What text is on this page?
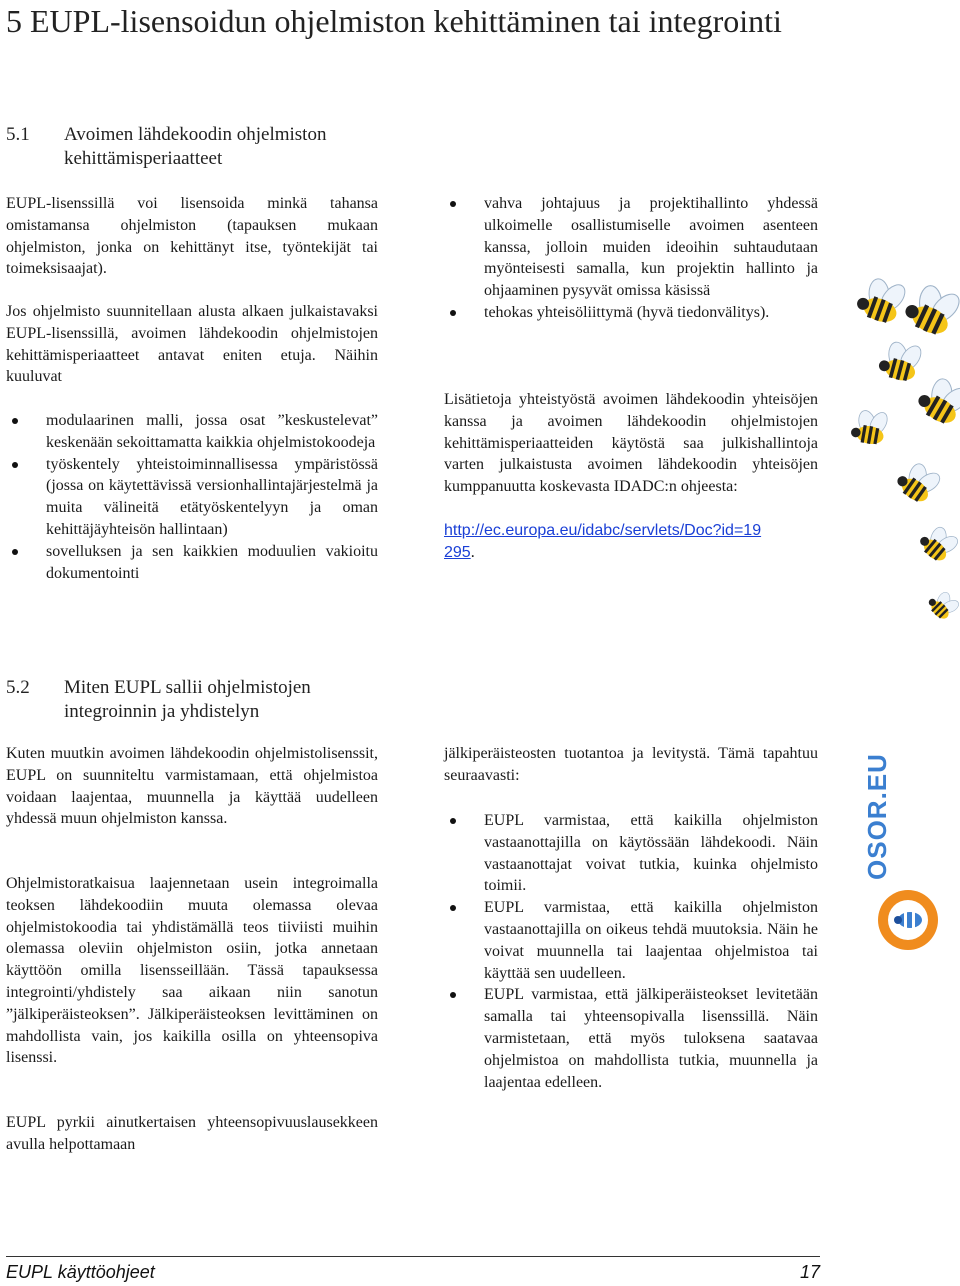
5 EUPL-lisensoidun ohjelmiston kehittäminen tai integrointi
5.1 Avoimen lähdekoodin ohjelmiston kehittämisperiaatteet

EUPL-lisenssillä voi lisensoida minkä tahansa omistamansa ohjelmiston (tapauksen mukaan ohjelmiston, jonka on kehittänyt itse, työntekijät tai toimeksisaajat).

Jos ohjelmisto suunnitellaan alusta alkaen julkaistavaksi EUPL-lisenssillä, avoimen lähdekoodin ohjelmistojen kehittämisperiaatteet antavat eniten etuja. Näihin kuuluvat

modulaarinen malli, jossa osat ”keskustelevat” keskenään sekoittamatta kaikkia ohjelmistokoodeja
työskentely yhteistoiminnallisessa ympäristössä (jossa on käytettävissä versionhallintajärjestelmä ja muita välineitä etätyöskentelyyn ja oman kehittäjäyhteisön hallintaan)
sovelluksen ja sen kaikkien moduulien vakioitu dokumentointi
vahva johtajuus ja projektihallinto yhdessä ulkoimelle osallistumiselle avoimen asenteen kanssa, jolloin muiden ideoihin suhtaudutaan myönteisesti samalla, kun projektin hallinto ja ohjaaminen pysyvät omissa käsissä
tehokas yhteisöliittymä (hyvä tiedonvälitys).

Lisätietoja yhteistyöstä avoimen lähdekoodin yhteisöjen kanssa ja avoimen lähdekoodin ohjelmistojen kehittämisperiaatteiden käytöstä saa julkishallintoja varten julkaistusta avoimen lähdekoodin yhteisöjen kumppanuutta koskevasta IDADC:n ohjeesta:

http://ec.europa.eu/idabc/servlets/Doc?id=19
295.
5.2 Miten EUPL sallii ohjelmistojen integroinnin ja yhdistelyn

Kuten muutkin avoimen lähdekoodin ohjelmistolisenssit, EUPL on suunniteltu varmistamaan, että ohjelmistoa voidaan laajentaa, muunnella ja käyttää uudelleen yhdessä muun ohjelmiston kanssa.

Ohjelmistoratkaisua laajennetaan usein integroimalla teoksen lähdekoodiin muuta olemassa olevaa ohjelmistokoodia tai yhdistämällä teos tiiviisti muihin olemassa oleviin ohjelmiston osiin, jotka annetaan käyttöön omilla lisensseillään. Tässä tapauksessa integrointi/yhdistely saa aikaan niin sanotun ”jälkiperäisteoksen”. Jälkiperäisteoksen levittäminen on mahdollista vain, jos kaikilla osilla on yhteensopiva lisenssi.

EUPL pyrkii ainutkertaisen yhteensopivuuslausekkeen avulla helpottamaan

jälkiperäisteosten tuotantoa ja levitystä. Tämä tapahtuu seuraavasti:

EUPL varmistaa, että kaikilla ohjelmiston vastaanottajilla on käytössään lähdekoodi. Näin vastaanottajat voivat tutkia, kuinka ohjelmisto toimii.
EUPL varmistaa, että kaikilla ohjelmiston vastaanottajilla on oikeus tehdä muutoksia. Näin he voivat muunnella tai laajentaa ohjelmistoa tai käyttää sen uudelleen.
EUPL varmistaa, että jälkiperäisteokset levitetään samalla tai yhteensopivalla lisenssillä. Näin varmistetaan, että myös tuloksena saatavaa ohjelmistoa on mahdollista tutkia, muunnella ja laajentaa edelleen.
OSOR.EU
EUPL käyttöohjeet	17
